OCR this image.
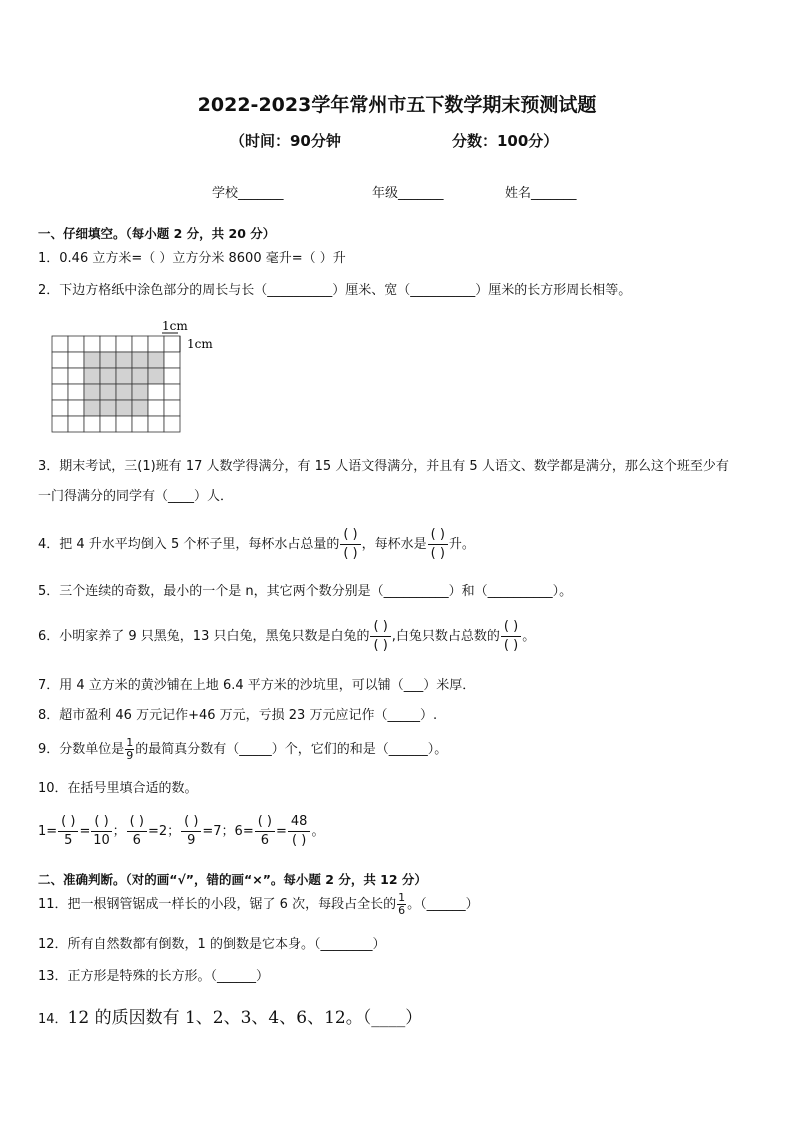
2022-2023学年常州市五下数学期末预测试题
（时间：90分钟	分数：100分）
学校_______	年级_______	姓名_______
一、仔细填空。（每小题 2 分，共 20 分）
1．0.46 立方米=（ ）立方分米 8600 毫升=（ ）升
2．下边方格纸中涂色部分的周长与长（__________）厘米、宽（__________）厘米的长方形周长相等。
1cm
1cm
3．期末考试，三(1)班有 17 人数学得满分，有 15 人语文得满分，并且有 5 人语文、数学都是满分，那么这个班至少有
一门得满分的同学有（____）人．
4．把 4 升水平均倒入 5 个杯子里，每杯水占总量的 $\frac{( )}{( )}$ ，每杯水是 $\frac{( )}{( )}$ 升。
5．三个连续的奇数，最小的一个是 n，其它两个数分别是（__________）和（__________）。
6．小明家养了 9 只黑兔，13 只白兔，黑兔只数是白兔的 $\frac{( )}{( )}$ ,白兔只数占总数的 $\frac{( )}{( )}$ 。
7．用 4 立方米的黄沙铺在上地 6.4 平方米的沙坑里，可以铺（___）米厚．
8．超市盈利 46 万元记作+46 万元，亏损 23 万元应记作（_____）.
9．分数单位是 $\frac{1}{9}$ 的最简真分数有（_____）个，它们的和是（______）。
10．在括号里填合适的数。
$1= \frac{( )}{5} = \frac{( )}{10}$ ； $\frac{( )}{6} =2$； $\frac{( )}{9} =7$；$6= \frac{( )}{6} = \frac{48}{( )}$ 。
二、准确判断。（对的画“√”，错的画“×”。每小题 2 分，共 12 分）
11．把一根钢管锯成一样长的小段，锯了 6 次，每段占全长的 $\frac{1}{6}$ 。（______）
12．所有自然数都有倒数，1 的倒数是它本身。（________）
13．正方形是特殊的长方形。（______）
14．12 的质因数有 1、2、3、4、6、12。（____）
